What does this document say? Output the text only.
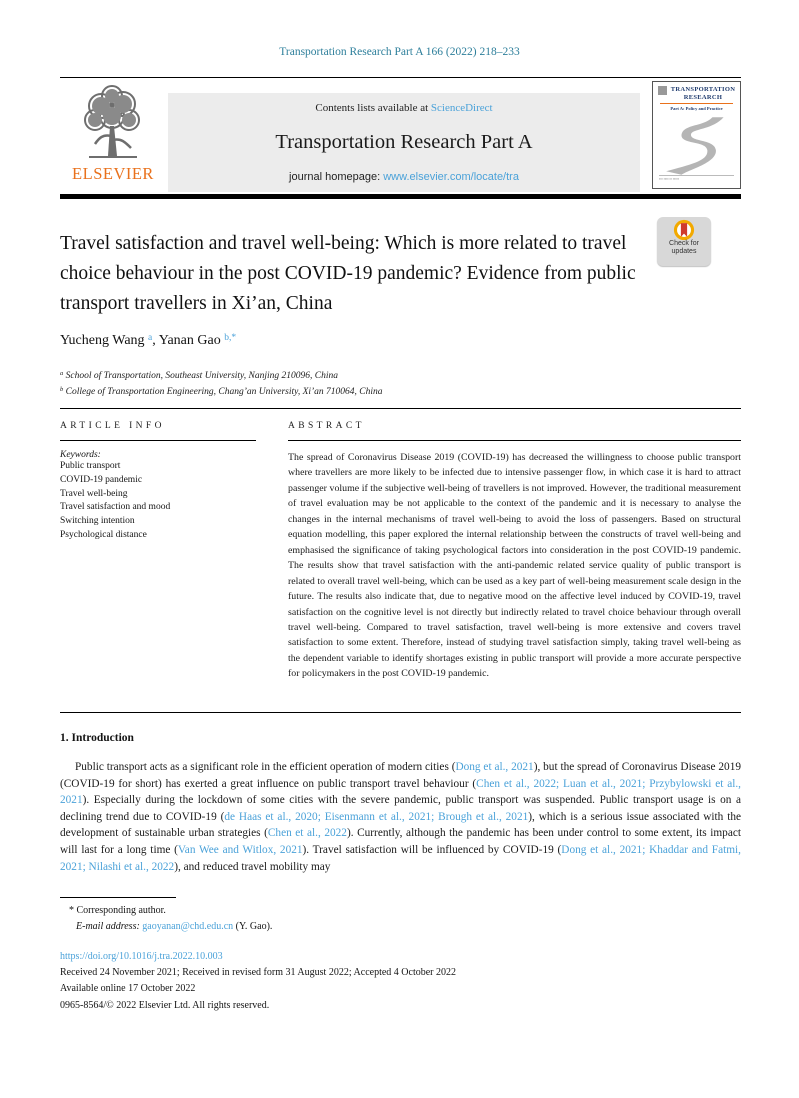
Transportation Research Part A 166 (2022) 218–233
ELSEVIER
Contents lists available at ScienceDirect
Transportation Research Part A
journal homepage: www.elsevier.com/locate/tra
TRANSPORTATION RESEARCH
Part A: Policy and Practice
▪▪▪ ▪▪▪▪ ▪▪ ▪▪▪▪▪
Travel satisfaction and travel well-being: Which is more related to travel choice behaviour in the post COVID-19 pandemic? Evidence from public transport travellers in Xi’an, China
Check for updates
Yucheng Wang $^a$, Yanan Gao $^{b,*}$
$^a$ School of Transportation, Southeast University, Nanjing 210096, China
$^b$ College of Transportation Engineering, Chang’an University, Xi’an 710064, China
ARTICLE INFO
Keywords:
Public transport
COVID-19 pandemic
Travel well-being
Travel satisfaction and mood
Switching intention
Psychological distance
ABSTRACT
The spread of Coronavirus Disease 2019 (COVID-19) has decreased the willingness to choose public transport where travellers are more likely to be infected due to intensive passenger flow, in which case it is hard to attract passenger volume if the subjective well-being of travellers is not improved. However, the traditional measurement of travel evaluation may be not applicable to the context of the pandemic and it is necessary to analyse the changes in the internal mechanisms of travel well-being to avoid the loss of passengers. Based on structural equation modelling, this paper explored the internal relationship between the constructs of travel well-being and emphasised the significance of taking psychological factors into consideration in the post COVID-19 pandemic. The results show that travel satisfaction with the anti-pandemic related service quality of public transport is related to overall travel well-being, which can be used as a key part of well-being measurement scale design in the future. The results also indicate that, due to negative mood on the affective level induced by COVID-19, travel satisfaction on the cognitive level is not directly but indirectly related to travel choice behaviour through overall travel well-being. Compared to travel satisfaction, travel well-being is more extensive and covers travel satisfaction to some extent. Therefore, instead of studying travel satisfaction simply, taking travel well-being as the dependent variable to identify shortages existing in public transport will provide a more accurate perspective for policymakers in the post COVID-19 pandemic.
1. Introduction
Public transport acts as a significant role in the efficient operation of modern cities (Dong et al., 2021), but the spread of Coronavirus Disease 2019 (COVID-19 for short) has exerted a great influence on public transport travel behaviour (Chen et al., 2022; Luan et al., 2021; Przybylowski et al., 2021). Especially during the lockdown of some cities with the severe pandemic, public transport was suspended. Public transport usage is on a declining trend due to COVID-19 (de Haas et al., 2020; Eisenmann et al., 2021; Brough et al., 2021), which is a serious issue associated with the development of sustainable urban strategies (Chen et al., 2022). Currently, although the pandemic has been under control to some extent, its impact will last for a long time (Van Wee and Witlox, 2021). Travel satisfaction will be influenced by COVID-19 (Dong et al., 2021; Khaddar and Fatmi, 2021; Nilashi et al., 2022), and reduced travel mobility may
* Corresponding author.
E-mail address: gaoyanan@chd.edu.cn (Y. Gao).
https://doi.org/10.1016/j.tra.2022.10.003
Received 24 November 2021; Received in revised form 31 August 2022; Accepted 4 October 2022
Available online 17 October 2022
0965-8564/© 2022 Elsevier Ltd. All rights reserved.
